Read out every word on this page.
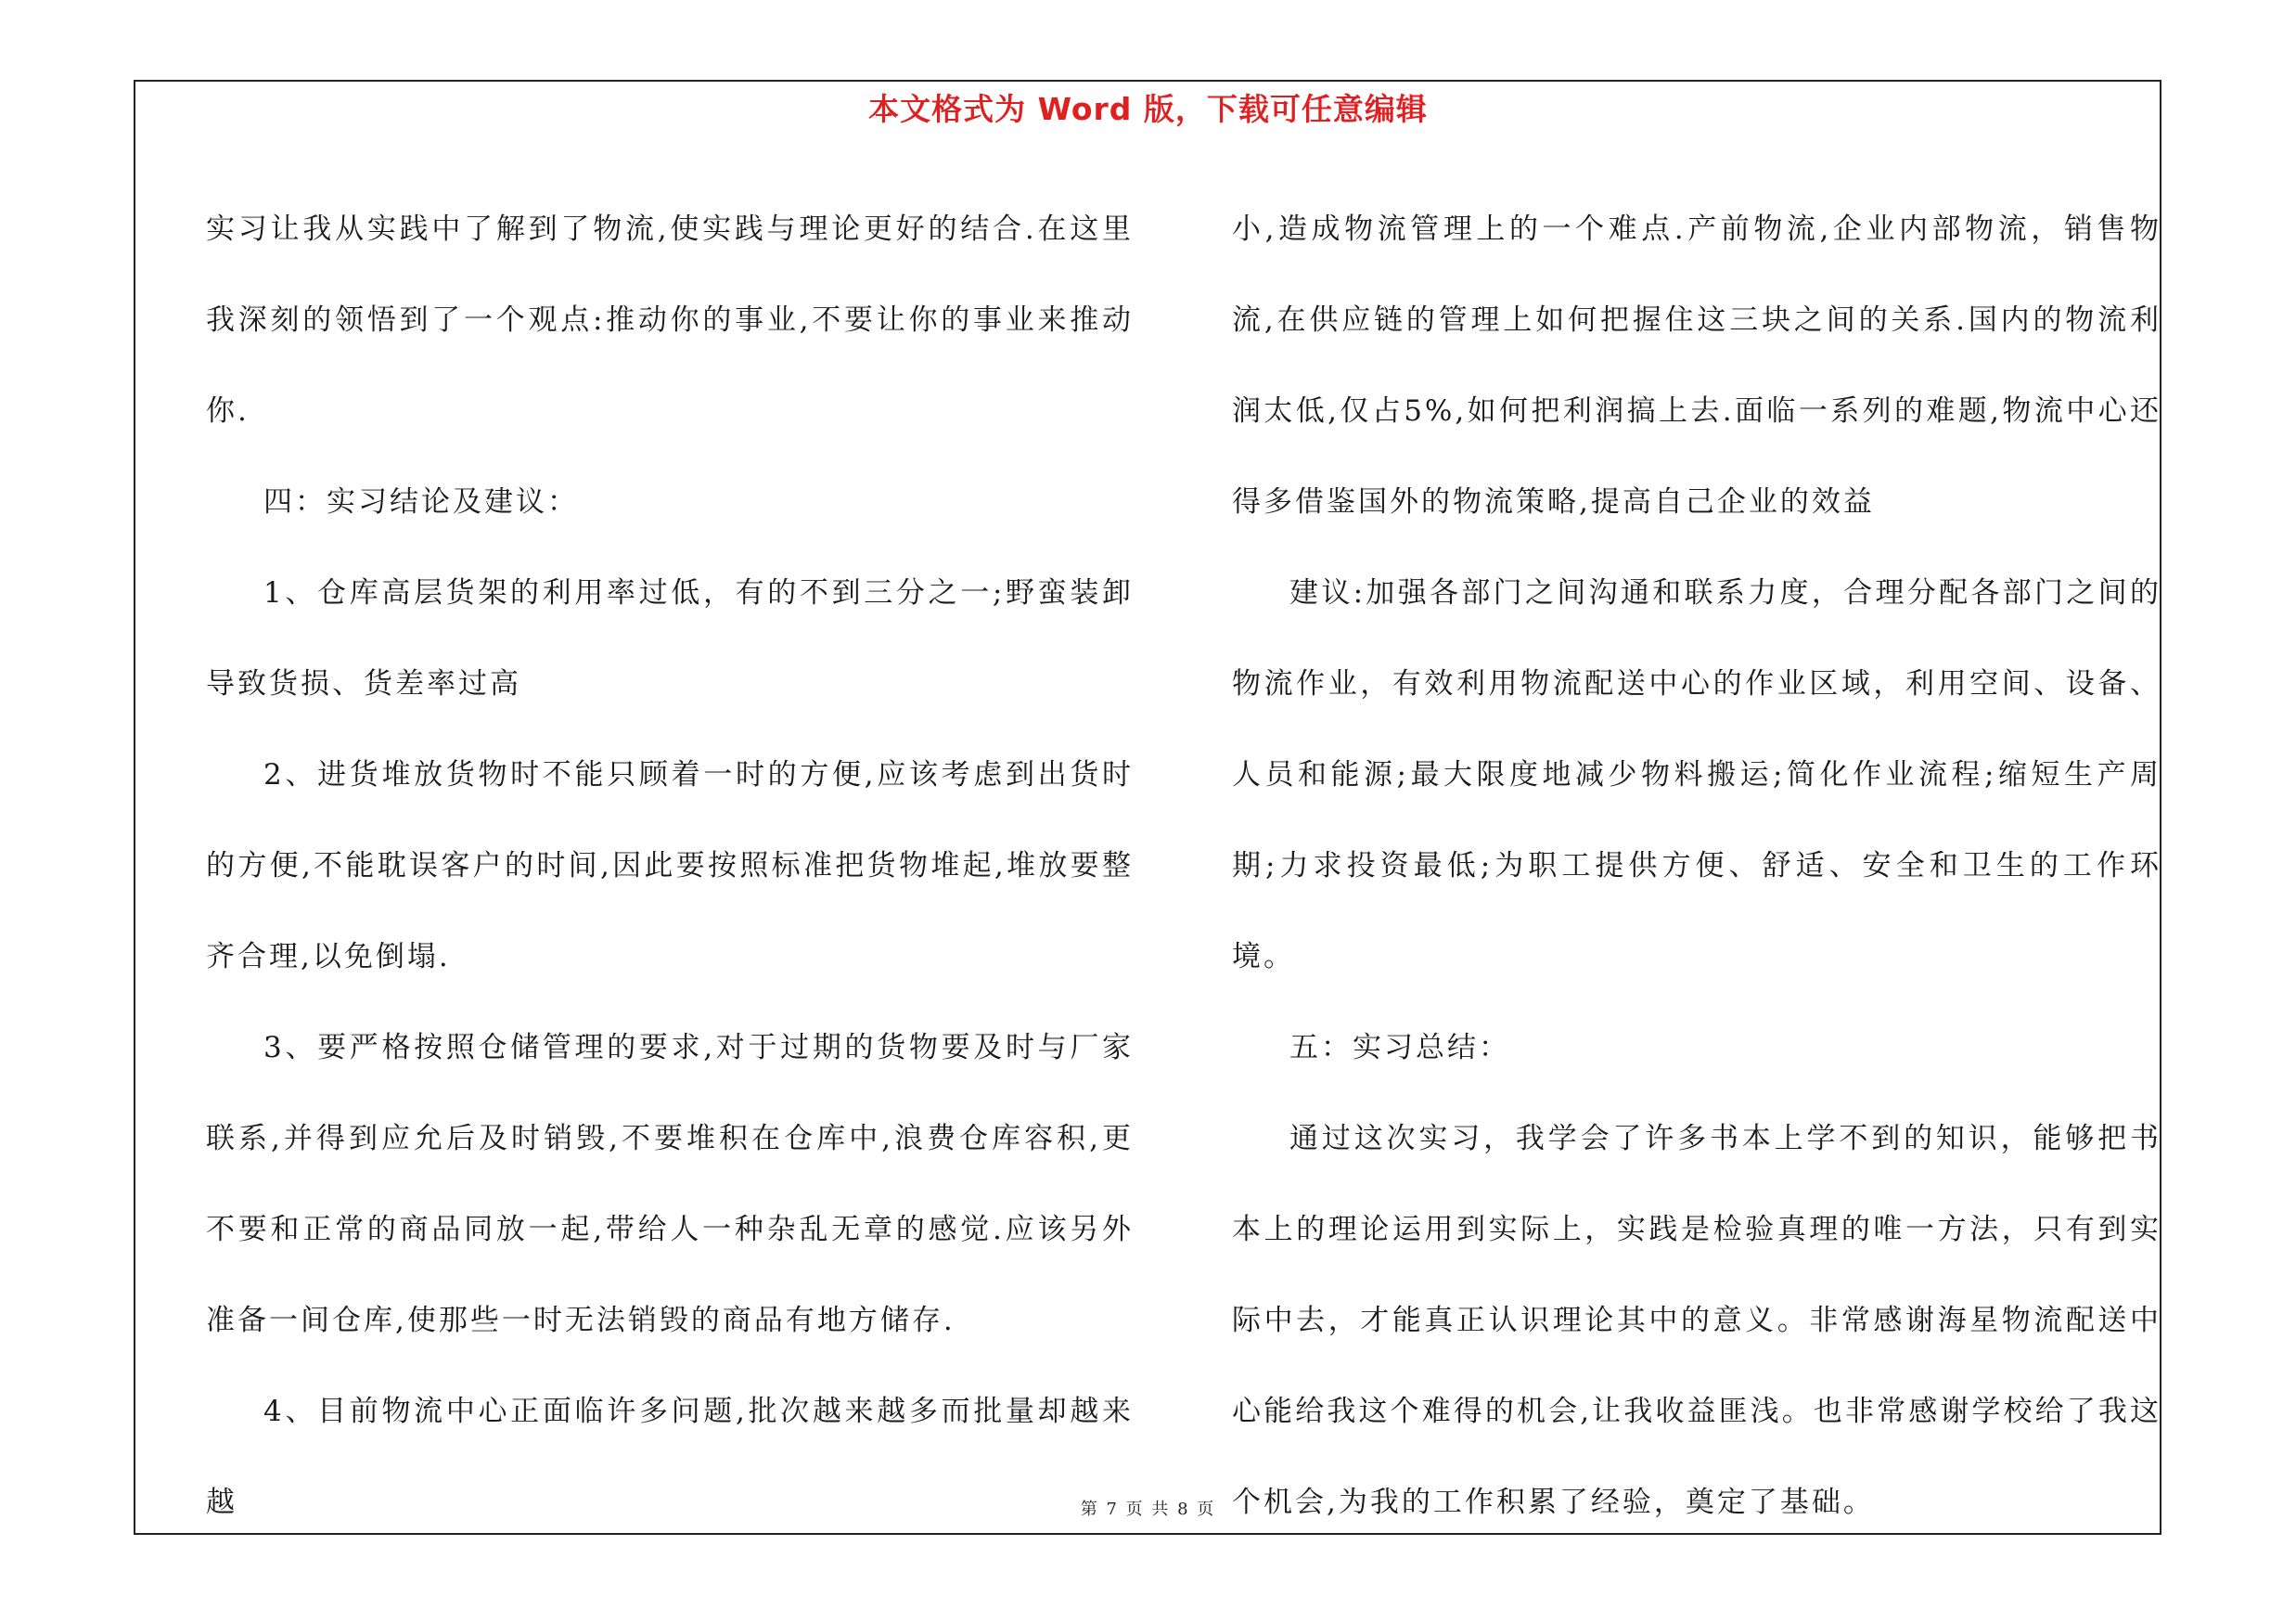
本文格式为 Word 版，下载可任意编辑

实习让我从实践中了解到了物流,使实践与理论更好的结合.在这里我深刻的领悟到了一个观点:推动你的事业,不要让你的事业来推动你.

四：实习结论及建议：

1、仓库高层货架的利用率过低，有的不到三分之一;野蛮装卸导致货损、货差率过高

2、进货堆放货物时不能只顾着一时的方便,应该考虑到出货时的方便,不能耽误客户的时间,因此要按照标准把货物堆起,堆放要整齐合理,以免倒塌.

3、要严格按照仓储管理的要求,对于过期的货物要及时与厂家联系,并得到应允后及时销毁,不要堆积在仓库中,浪费仓库容积,更不要和正常的商品同放一起,带给人一种杂乱无章的感觉.应该另外准备一间仓库,使那些一时无法销毁的商品有地方储存.

4、目前物流中心正面临许多问题,批次越来越多而批量却越来越

小,造成物流管理上的一个难点.产前物流,企业内部物流，销售物流,在供应链的管理上如何把握住这三块之间的关系.国内的物流利润太低,仅占5%,如何把利润搞上去.面临一系列的难题,物流中心还得多借鉴国外的物流策略,提高自己企业的效益

建议:加强各部门之间沟通和联系力度，合理分配各部门之间的物流作业，有效利用物流配送中心的作业区域，利用空间、设备、人员和能源;最大限度地减少物料搬运;简化作业流程;缩短生产周期;力求投资最低;为职工提供方便、舒适、安全和卫生的工作环境。

五：实习总结：

通过这次实习，我学会了许多书本上学不到的知识，能够把书本上的理论运用到实际上，实践是检验真理的唯一方法，只有到实际中去，才能真正认识理论其中的意义。非常感谢海星物流配送中心能给我这个难得的机会,让我收益匪浅。也非常感谢学校给了我这个机会,为我的工作积累了经验，奠定了基础。

第 7 页 共 8 页
